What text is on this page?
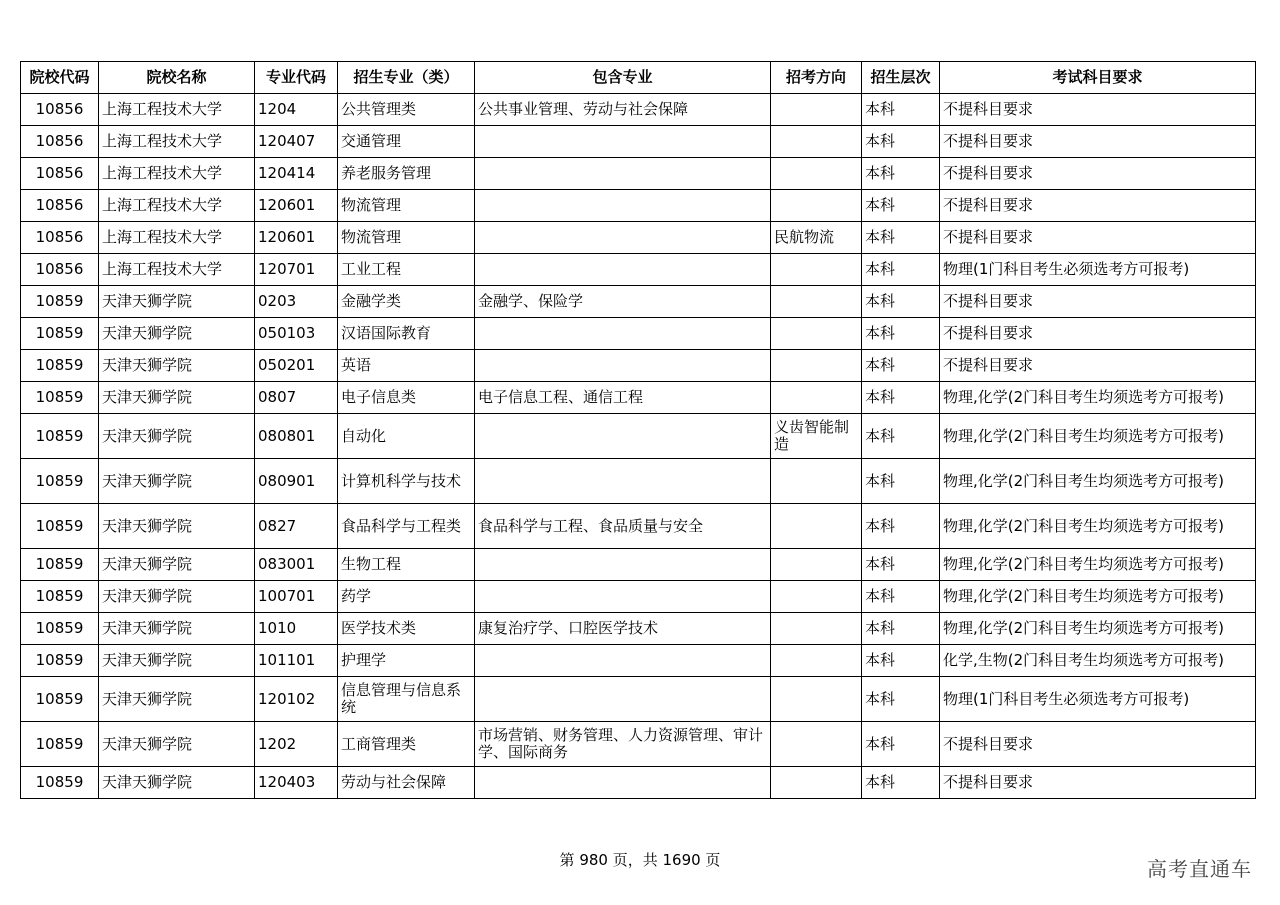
院校代码	院校名称	专业代码	招生专业（类）	包含专业	招考方向	招生层次	考试科目要求
10856	上海工程技术大学	1204	公共管理类	公共事业管理、劳动与社会保障		本科	不提科目要求
10856	上海工程技术大学	120407	交通管理			本科	不提科目要求
10856	上海工程技术大学	120414	养老服务管理			本科	不提科目要求
10856	上海工程技术大学	120601	物流管理			本科	不提科目要求
10856	上海工程技术大学	120601	物流管理		民航物流	本科	不提科目要求
10856	上海工程技术大学	120701	工业工程			本科	物理(1门科目考生必须选考方可报考)
10859	天津天狮学院	0203	金融学类	金融学、保险学		本科	不提科目要求
10859	天津天狮学院	050103	汉语国际教育			本科	不提科目要求
10859	天津天狮学院	050201	英语			本科	不提科目要求
10859	天津天狮学院	0807	电子信息类	电子信息工程、通信工程		本科	物理,化学(2门科目考生均须选考方可报考)
10859	天津天狮学院	080801	自动化		义齿智能制造	本科	物理,化学(2门科目考生均须选考方可报考)
10859	天津天狮学院	080901	计算机科学与技术			本科	物理,化学(2门科目考生均须选考方可报考)
10859	天津天狮学院	0827	食品科学与工程类	食品科学与工程、食品质量与安全		本科	物理,化学(2门科目考生均须选考方可报考)
10859	天津天狮学院	083001	生物工程			本科	物理,化学(2门科目考生均须选考方可报考)
10859	天津天狮学院	100701	药学			本科	物理,化学(2门科目考生均须选考方可报考)
10859	天津天狮学院	1010	医学技术类	康复治疗学、口腔医学技术		本科	物理,化学(2门科目考生均须选考方可报考)
10859	天津天狮学院	101101	护理学			本科	化学,生物(2门科目考生均须选考方可报考)
10859	天津天狮学院	120102	信息管理与信息系统			本科	物理(1门科目考生必须选考方可报考)
10859	天津天狮学院	1202	工商管理类	市场营销、财务管理、人力资源管理、审计学、国际商务		本科	不提科目要求
10859	天津天狮学院	120403	劳动与社会保障			本科	不提科目要求
第 980 页，共 1690 页	高考直通车
